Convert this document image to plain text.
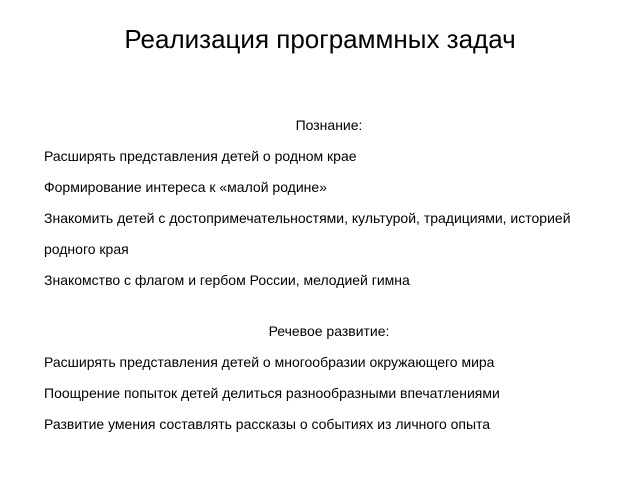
Реализация программных задач

Познание:

Расширять представления детей о родном крае

Формирование интереса к «малой родине»

Знакомить детей с достопримечательностями, культурой, традициями, историей

родного края

Знакомство с флагом и гербом России, мелодией гимна

Речевое развитие:

Расширять представления детей о многообразии окружающего мира

Поощрение попыток детей делиться разнообразными впечатлениями

Развитие умения составлять рассказы о событиях из личного опыта
